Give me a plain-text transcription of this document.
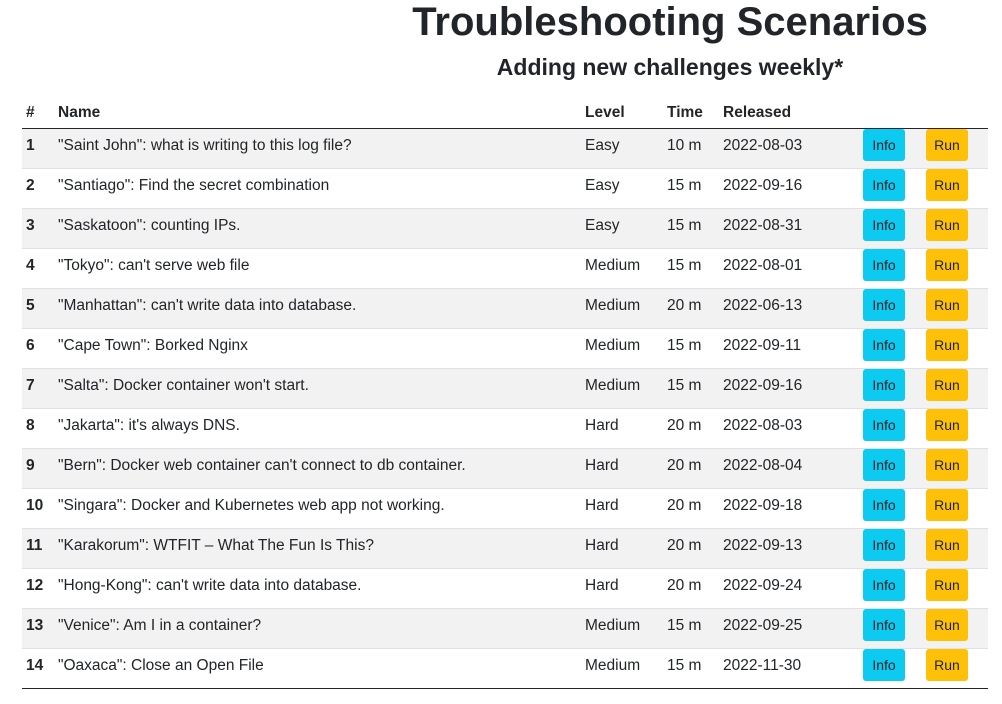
Troubleshooting Scenarios
Adding new challenges weekly*
#	Name	Level	Time	Released		
1	"Saint John": what is writing to this log file?	Easy	10 m	2022-08-03	Info	Run
2	"Santiago": Find the secret combination	Easy	15 m	2022-09-16	Info	Run
3	"Saskatoon": counting IPs.	Easy	15 m	2022-08-31	Info	Run
4	"Tokyo": can't serve web file	Medium	15 m	2022-08-01	Info	Run
5	"Manhattan": can't write data into database.	Medium	20 m	2022-06-13	Info	Run
6	"Cape Town": Borked Nginx	Medium	15 m	2022-09-11	Info	Run
7	"Salta": Docker container won't start.	Medium	15 m	2022-09-16	Info	Run
8	"Jakarta": it's always DNS.	Hard	20 m	2022-08-03	Info	Run
9	"Bern": Docker web container can't connect to db container.	Hard	20 m	2022-08-04	Info	Run
10	"Singara": Docker and Kubernetes web app not working.	Hard	20 m	2022-09-18	Info	Run
11	"Karakorum": WTFIT – What The Fun Is This?	Hard	20 m	2022-09-13	Info	Run
12	"Hong-Kong": can't write data into database.	Hard	20 m	2022-09-24	Info	Run
13	"Venice": Am I in a container?	Medium	15 m	2022-09-25	Info	Run
14	"Oaxaca": Close an Open File	Medium	15 m	2022-11-30	Info	Run
